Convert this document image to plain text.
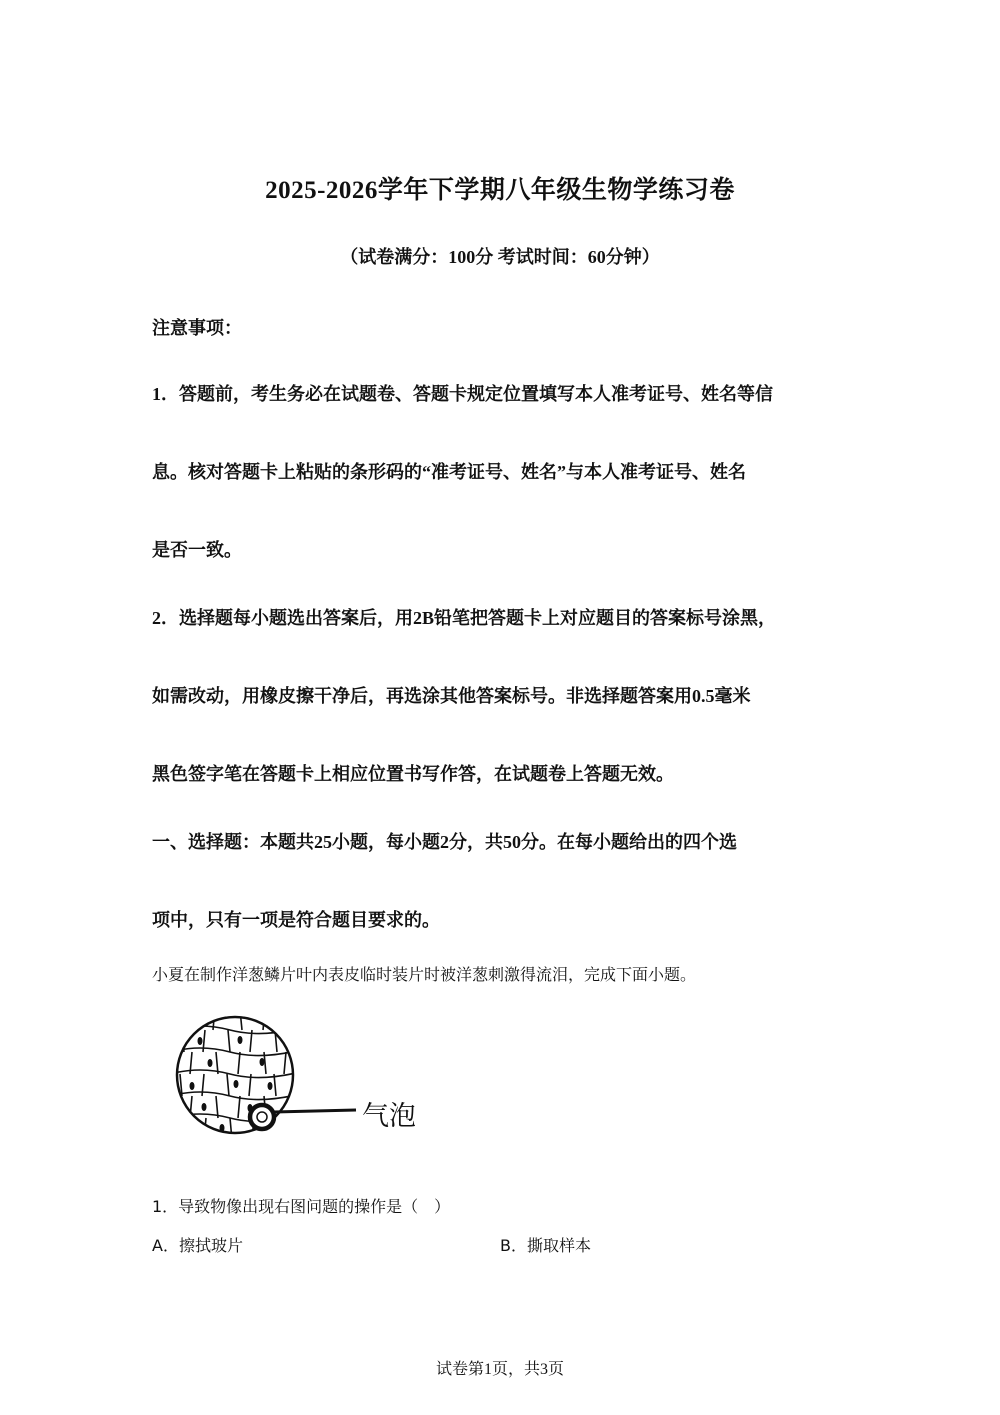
2025-2026学年下学期八年级生物学练习卷
（试卷满分：100分 考试时间：60分钟）
注意事项：
1．答题前，考生务必在试题卷、答题卡规定位置填写本人准考证号、姓名等信
息。核对答题卡上粘贴的条形码的“准考证号、姓名”与本人准考证号、姓名
是否一致。
2．选择题每小题选出答案后，用2B铅笔把答题卡上对应题目的答案标号涂黑，
如需改动，用橡皮擦干净后，再选涂其他答案标号。非选择题答案用0.5毫米
黑色签字笔在答题卡上相应位置书写作答，在试题卷上答题无效。
一、选择题：本题共25小题，每小题2分，共50分。在每小题给出的四个选
项中，只有一项是符合题目要求的。
小夏在制作洋葱鳞片叶内表皮临时装片时被洋葱刺激得流泪，完成下面小题。
气泡
1．导致物像出现右图问题的操作是（　）
A．擦拭玻片	B．撕取样本
试卷第1页，共3页
